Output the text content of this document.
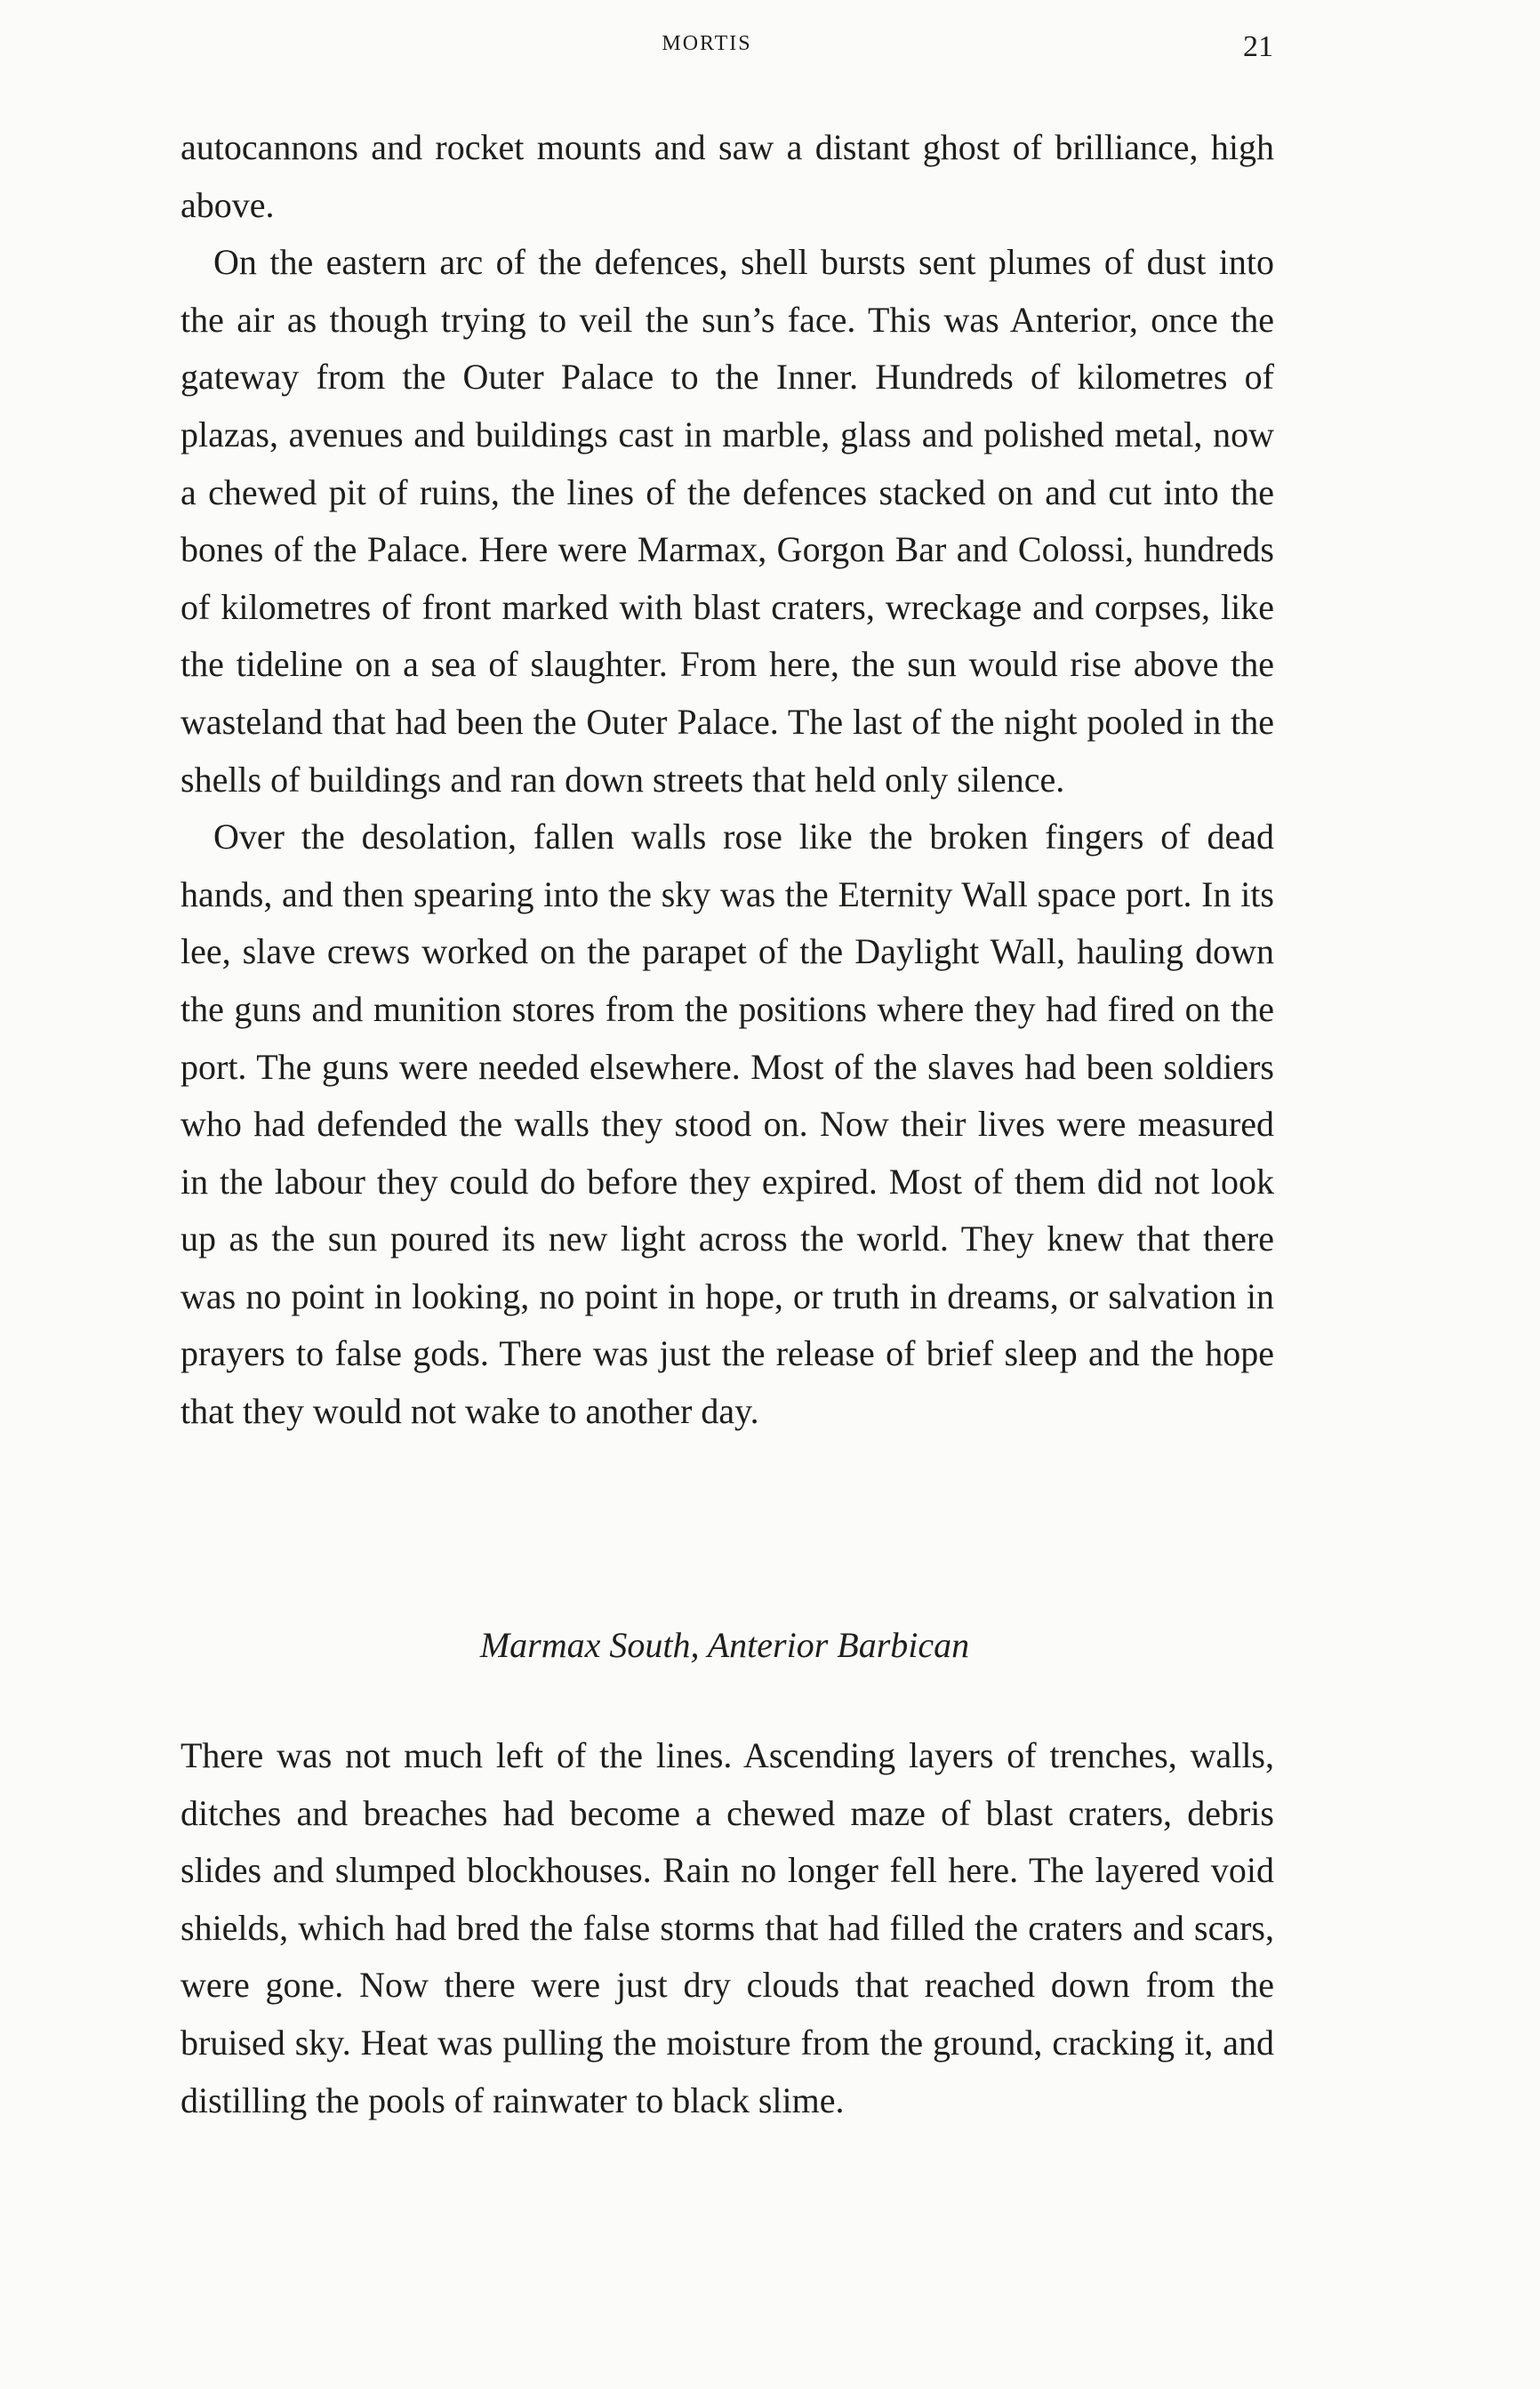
MORTIS	21

autocannons and rocket mounts and saw a distant ghost of brilliance, high above.

On the eastern arc of the defences, shell bursts sent plumes of dust into the air as though trying to veil the sun’s face. This was Anterior, once the gateway from the Outer Palace to the Inner. Hundreds of kilometres of plazas, avenues and buildings cast in marble, glass and polished metal, now a chewed pit of ruins, the lines of the defences stacked on and cut into the bones of the Palace. Here were Marmax, Gorgon Bar and Colossi, hundreds of kilometres of front marked with blast craters, wreckage and corpses, like the tideline on a sea of slaughter. From here, the sun would rise above the wasteland that had been the Outer Palace. The last of the night pooled in the shells of buildings and ran down streets that held only silence.

Over the desolation, fallen walls rose like the broken fingers of dead hands, and then spearing into the sky was the Eternity Wall space port. In its lee, slave crews worked on the parapet of the Daylight Wall, hauling down the guns and munition stores from the positions where they had fired on the port. The guns were needed elsewhere. Most of the slaves had been soldiers who had defended the walls they stood on. Now their lives were measured in the labour they could do before they expired. Most of them did not look up as the sun poured its new light across the world. They knew that there was no point in looking, no point in hope, or truth in dreams, or salvation in prayers to false gods. There was just the release of brief sleep and the hope that they would not wake to another day.

Marmax South, Anterior Barbican

There was not much left of the lines. Ascending layers of trenches, walls, ditches and breaches had become a chewed maze of blast craters, debris slides and slumped blockhouses. Rain no longer fell here. The layered void shields, which had bred the false storms that had filled the craters and scars, were gone. Now there were just dry clouds that reached down from the bruised sky. Heat was pulling the moisture from the ground, cracking it, and distilling the pools of rainwater to black slime.
